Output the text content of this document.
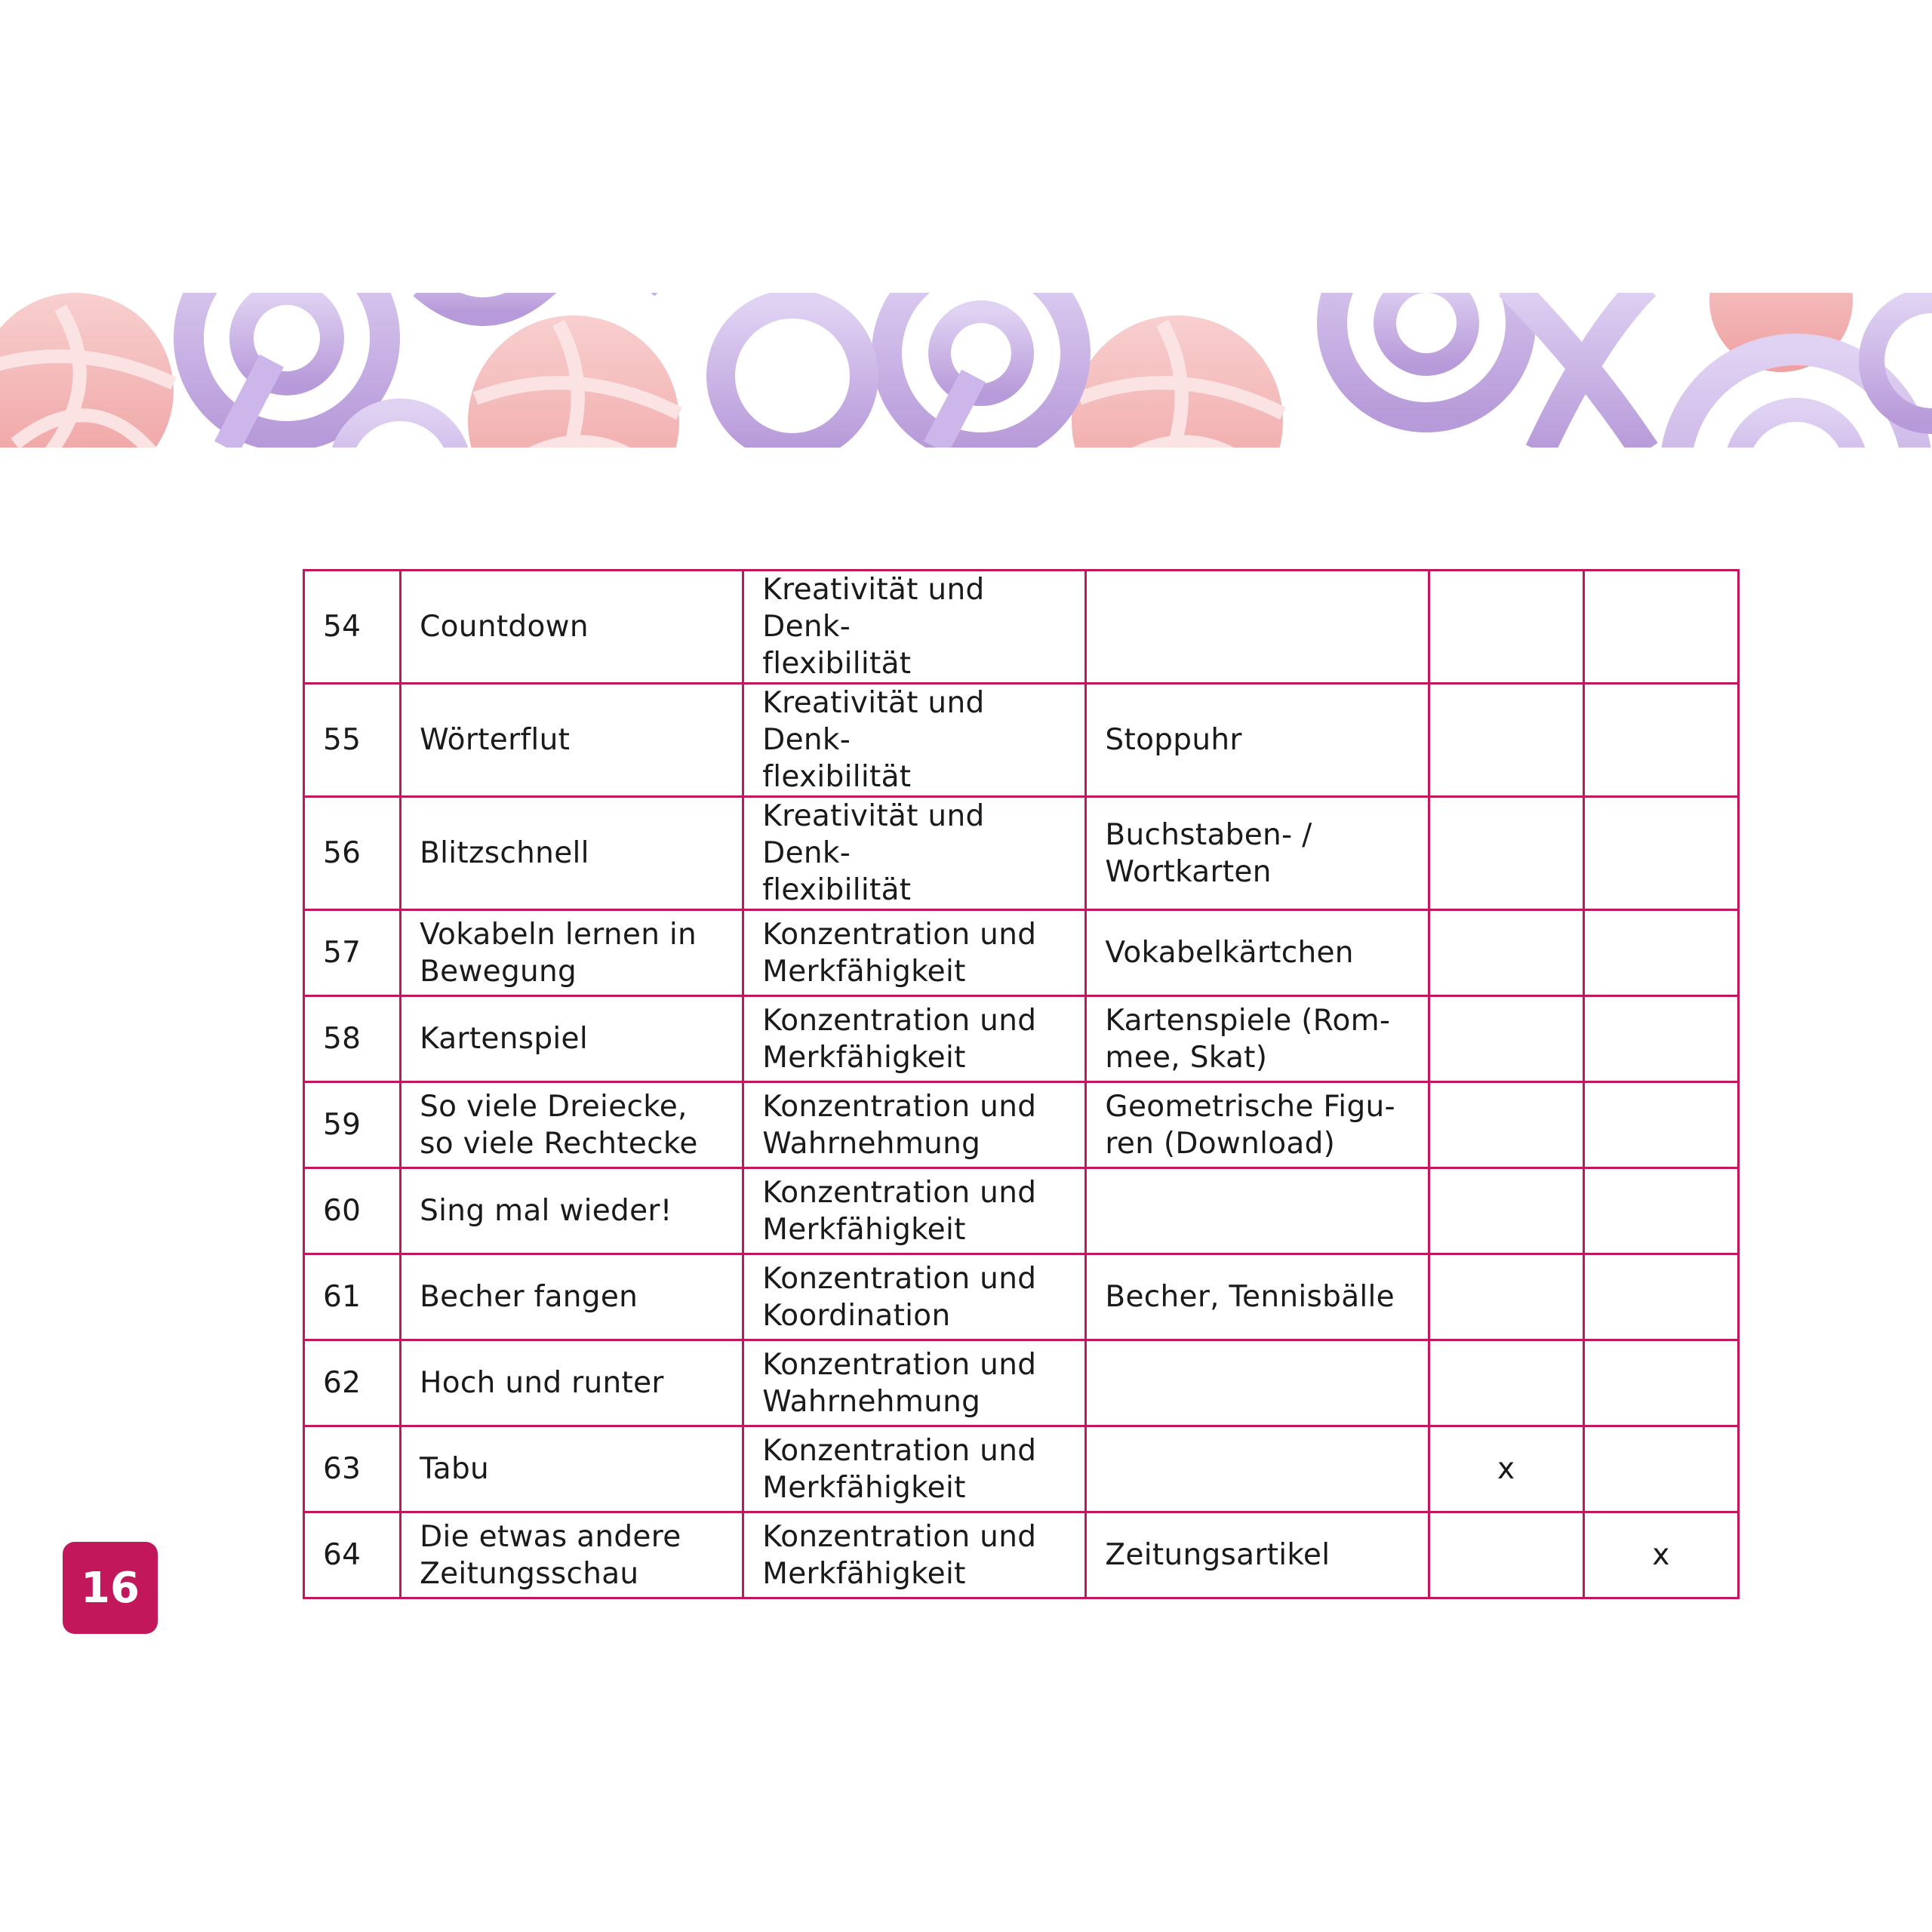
54	Countdown	Kreativität und Denk-
flexibilität			
55	Wörterflut	Kreativität und Denk-
flexibilität	Stoppuhr		
56	Blitzschnell	Kreativität und Denk-
flexibilität	Buchstaben- /
Wortkarten		
57	Vokabeln lernen in
Bewegung	Konzentration und
Merkfähigkeit	Vokabelkärtchen		
58	Kartenspiel	Konzentration und
Merkfähigkeit	Kartenspiele (Rom-
mee, Skat)		
59	So viele Dreiecke,
so viele Rechtecke	Konzentration und
Wahrnehmung	Geometrische Figu-
ren (Download)		
60	Sing mal wieder!	Konzentration und
Merkfähigkeit			
61	Becher fangen	Konzentration und
Koordination	Becher, Tennisbälle		
62	Hoch und runter	Konzentration und
Wahrnehmung			
63	Tabu	Konzentration und
Merkfähigkeit		x	
64	Die etwas andere
Zeitungsschau	Konzentration und
Merkfähigkeit	Zeitungsartikel		x
16
